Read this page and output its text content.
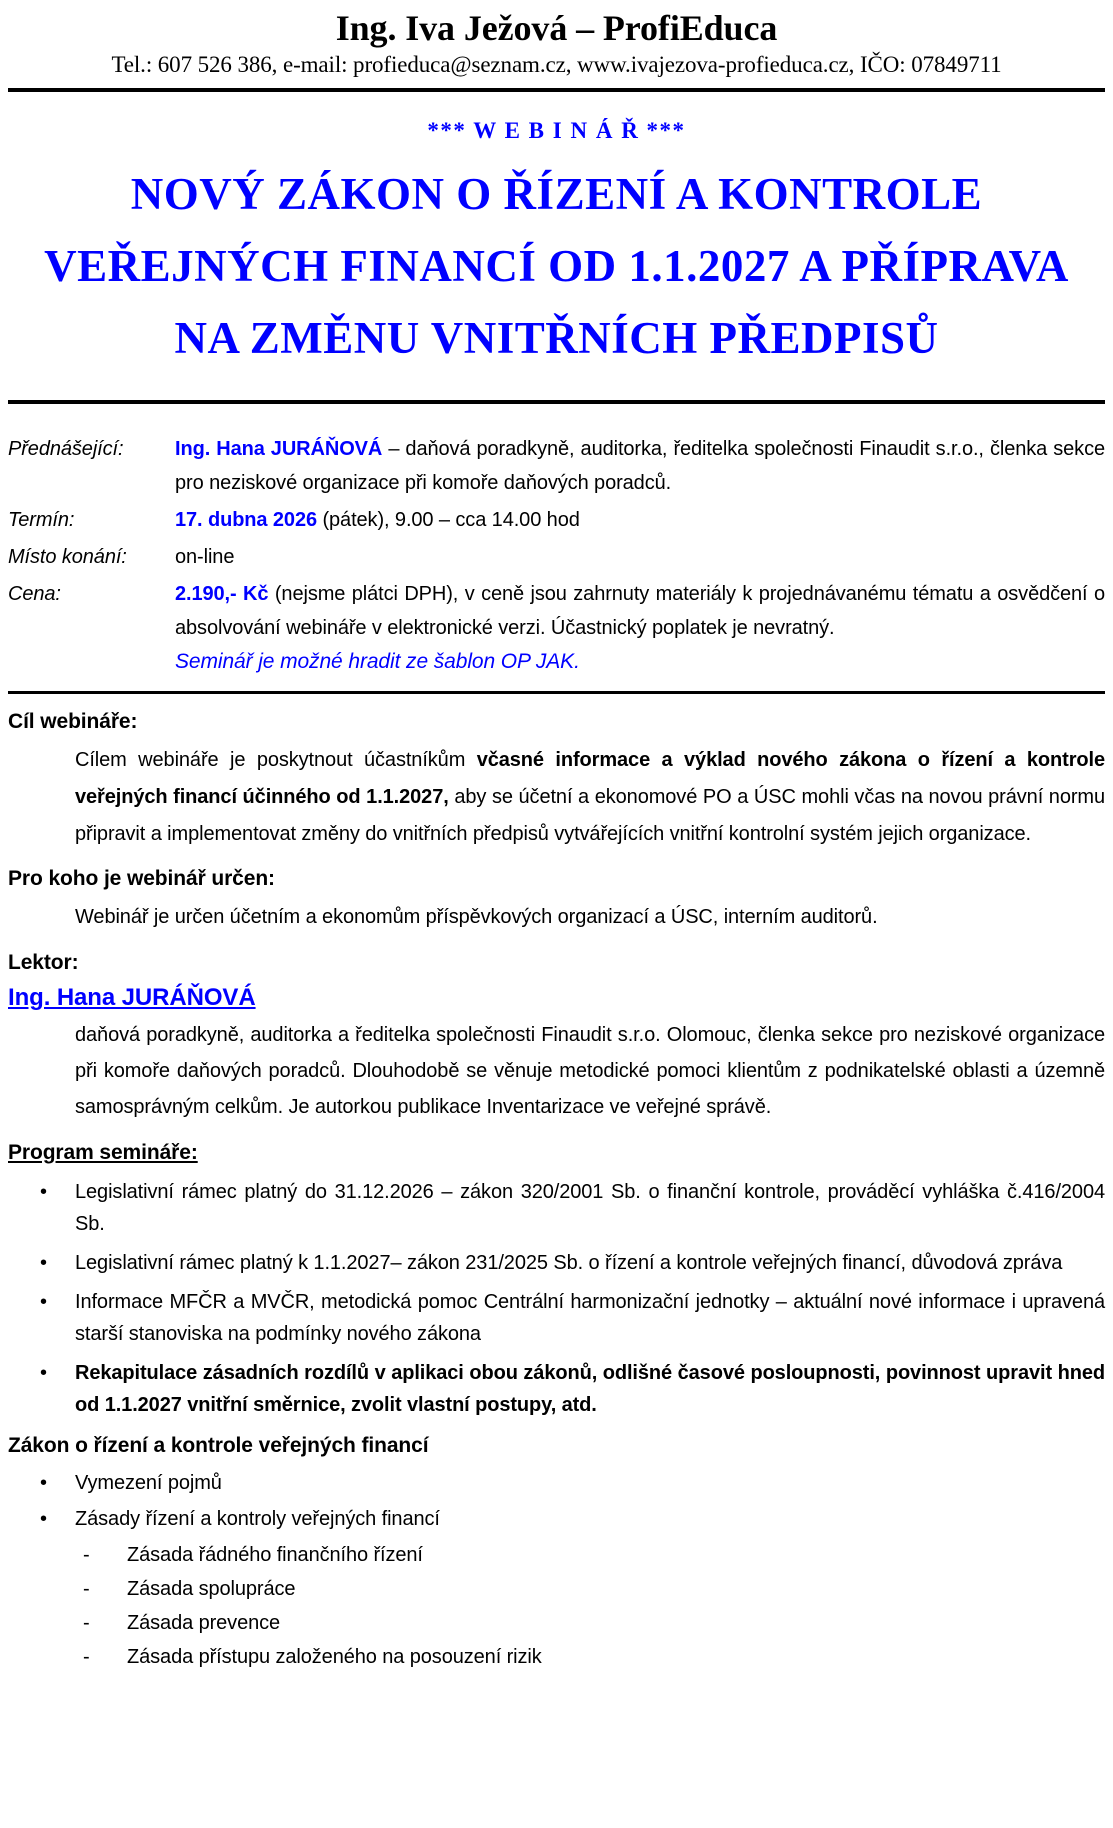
Ing. Iva Ježová – ProfiEduca
Tel.: 607 526 386, e-mail: profieduca@seznam.cz, www.ivajezova-profieduca.cz, IČO: 07849711
*** W E B I N Á Ř ***
NOVÝ ZÁKON O ŘÍZENÍ A KONTROLE VEŘEJNÝCH FINANCÍ OD 1.1.2027 A PŘÍPRAVA NA ZMĚNU VNITŘNÍCH PŘEDPISŮ
Přednášející:	Ing. Hana JURÁŇOVÁ – daňová poradkyně, auditorka, ředitelka společnosti Finaudit s.r.o., členka sekce pro neziskové organizace při komoře daňových poradců.
Termín:	17. dubna 2026 (pátek), 9.00 – cca 14.00 hod
Místo konání:	on-line
Cena:	2.190,- Kč (nejsme plátci DPH), v ceně jsou zahrnuty materiály k projednávanému tématu a osvědčení o absolvování webináře v elektronické verzi. Účastnický poplatek je nevratný.
Seminář je možné hradit ze šablon OP JAK.
Cíl webináře:
Cílem webináře je poskytnout účastníkům včasné informace a výklad nového zákona o řízení a kontrole veřejných financí účinného od 1.1.2027, aby se účetní a ekonomové PO a ÚSC mohli včas na novou právní normu připravit a implementovat změny do vnitřních předpisů vytvářejících vnitřní kontrolní systém jejich organizace.
Pro koho je webinář určen:
Webinář je určen účetním a ekonomům příspěvkových organizací a ÚSC, interním auditorů.
Lektor:
Ing. Hana JURÁŇOVÁ
daňová poradkyně, auditorka a ředitelka společnosti Finaudit s.r.o. Olomouc, členka sekce pro neziskové organizace při komoře daňových poradců. Dlouhodobě se věnuje metodické pomoci klientům z podnikatelské oblasti a územně samosprávným celkům. Je autorkou publikace Inventarizace ve veřejné správě.
Program semináře:
• Legislativní rámec platný do 31.12.2026 – zákon 320/2001 Sb. o finanční kontrole, prováděcí vyhláška č.416/2004 Sb.
• Legislativní rámec platný k 1.1.2027– zákon 231/2025 Sb. o řízení a kontrole veřejných financí, důvodová zpráva
• Informace MFČR a MVČR, metodická pomoc Centrální harmonizační jednotky – aktuální nové informace i upravená starší stanoviska na podmínky nového zákona
• Rekapitulace zásadních rozdílů v aplikaci obou zákonů, odlišné časové posloupnosti, povinnost upravit hned od 1.1.2027 vnitřní směrnice, zvolit vlastní postupy, atd.
Zákon o řízení a kontrole veřejných financí
• Vymezení pojmů
• Zásady řízení a kontroly veřejných financí
- Zásada řádného finančního řízení
- Zásada spolupráce
- Zásada prevence
- Zásada přístupu založeného na posouzení rizik
